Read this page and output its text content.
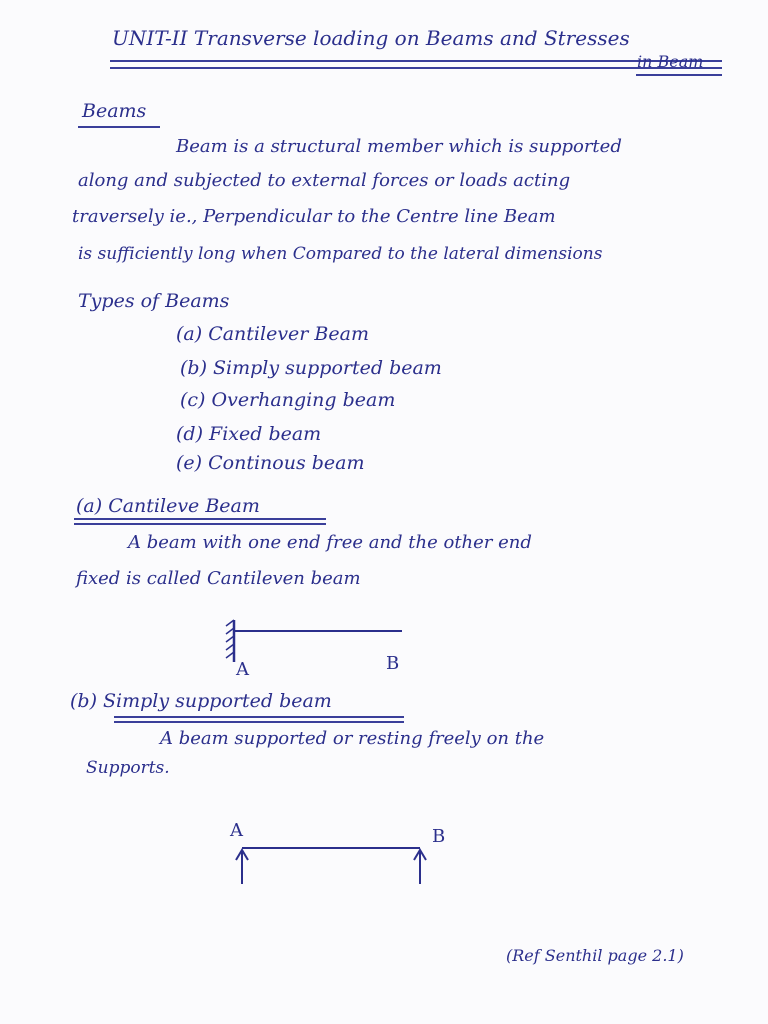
UNIT-II Transverse loading on Beams and Stresses
in Beam
Beams
Beam is a structural member which is supported
along and subjected to external forces or loads acting
traversely ie., Perpendicular to the Centre line Beam
is sufficiently long when Compared to the lateral dimensions
Types of Beams
(a) Cantilever Beam
(b) Simply supported beam
(c) Overhanging beam
(d) Fixed beam
(e) Continous beam
(a) Cantileve Beam
A beam with one end free and the other end
fixed is called Cantileven beam
A	B
(b) Simply supported beam
A beam supported or resting freely on the
Supports.
A	B
(Ref Senthil page 2.1)
